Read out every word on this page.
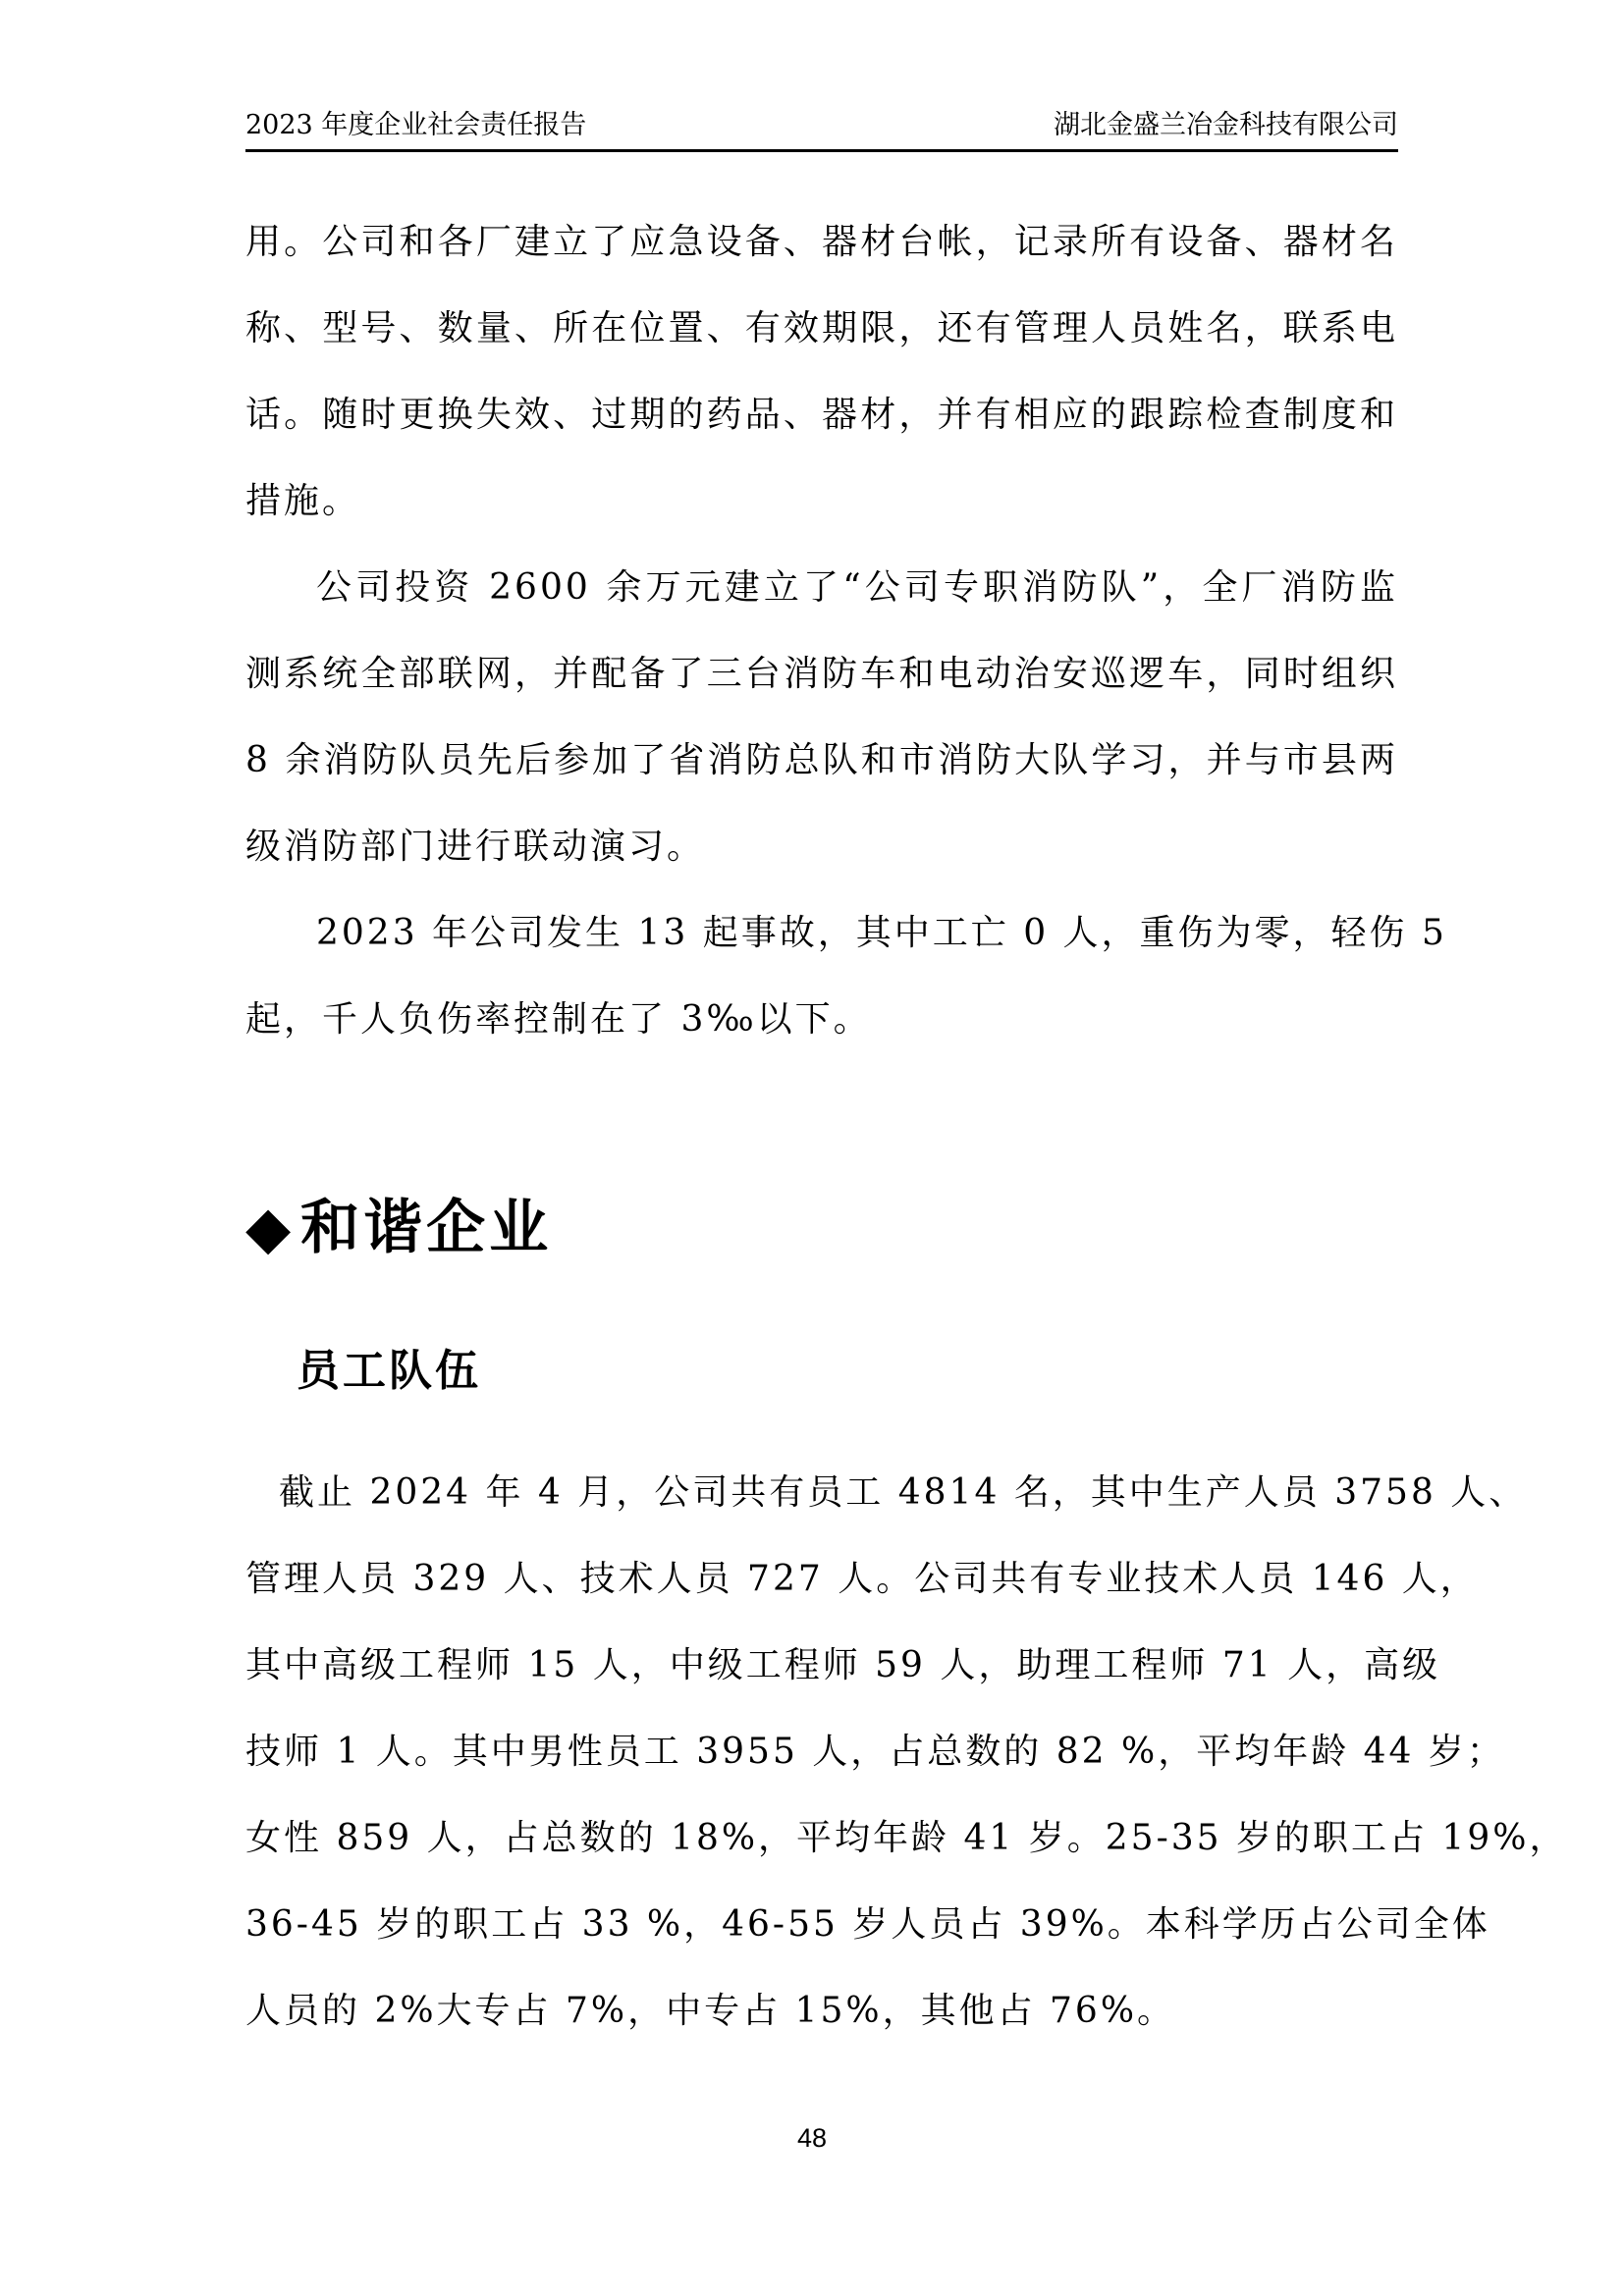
2023 年度企业社会责任报告	湖北金盛兰冶金科技有限公司
用。公司和各厂建立了应急设备、器材台帐，记录所有设备、器材名
称、型号、数量、所在位置、有效期限，还有管理人员姓名，联系电
话。随时更换失效、过期的药品、器材，并有相应的跟踪检查制度和
措施。
公司投资 2600 余万元建立了“公司专职消防队”，全厂消防监
测系统全部联网，并配备了三台消防车和电动治安巡逻车，同时组织
8 余消防队员先后参加了省消防总队和市消防大队学习，并与市县两
级消防部门进行联动演习。
2023 年公司发生 13 起事故，其中工亡 0 人，重伤为零，轻伤 5
起，千人负伤率控制在了 3‰以下。
◆ 和谐企业
员工队伍
截止 2024 年 4 月，公司共有员工 4814 名，其中生产人员 3758 人、
管理人员 329 人、技术人员 727 人。公司共有专业技术人员 146 人，
其中高级工程师 15 人，中级工程师 59 人，助理工程师 71 人，高级
技师 1 人。其中男性员工 3955 人，占总数的 82 %，平均年龄 44 岁；
女性 859 人，占总数的 18%，平均年龄 41 岁。25-35 岁的职工占 19%，
36-45 岁的职工占 33 %，46-55 岁人员占 39%。本科学历占公司全体
人员的 2%大专占 7%，中专占 15%，其他占 76%。
48
